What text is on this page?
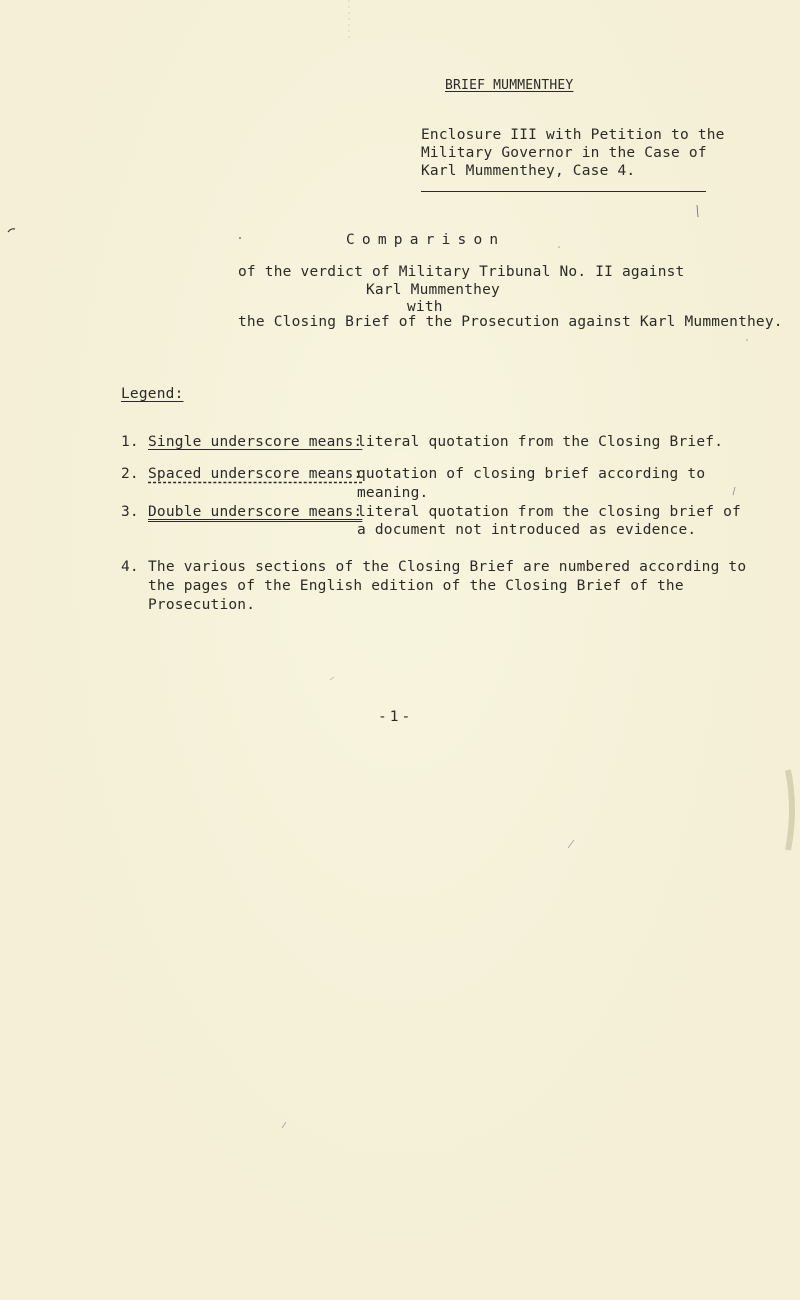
BRIEF MUMMENTHEY
Enclosure III with Petition to the
Military Governor in the Case of
Karl Mummenthey, Case 4.
Comparison
of the verdict of Military Tribunal No. II against
Karl Mummenthey
with
the Closing Brief of the Prosecution against Karl Mummenthey.
Legend:
1. Single underscore means:literal quotation from the Closing Brief.
2. Spaced underscore means:quotation of closing brief according to
meaning.
3. Double underscore means:literal quotation from the closing brief of
a document not introduced as evidence.
4. The various sections of the Closing Brief are numbered according to
the pages of the English edition of the Closing Brief of the
Prosecution.
-1-
